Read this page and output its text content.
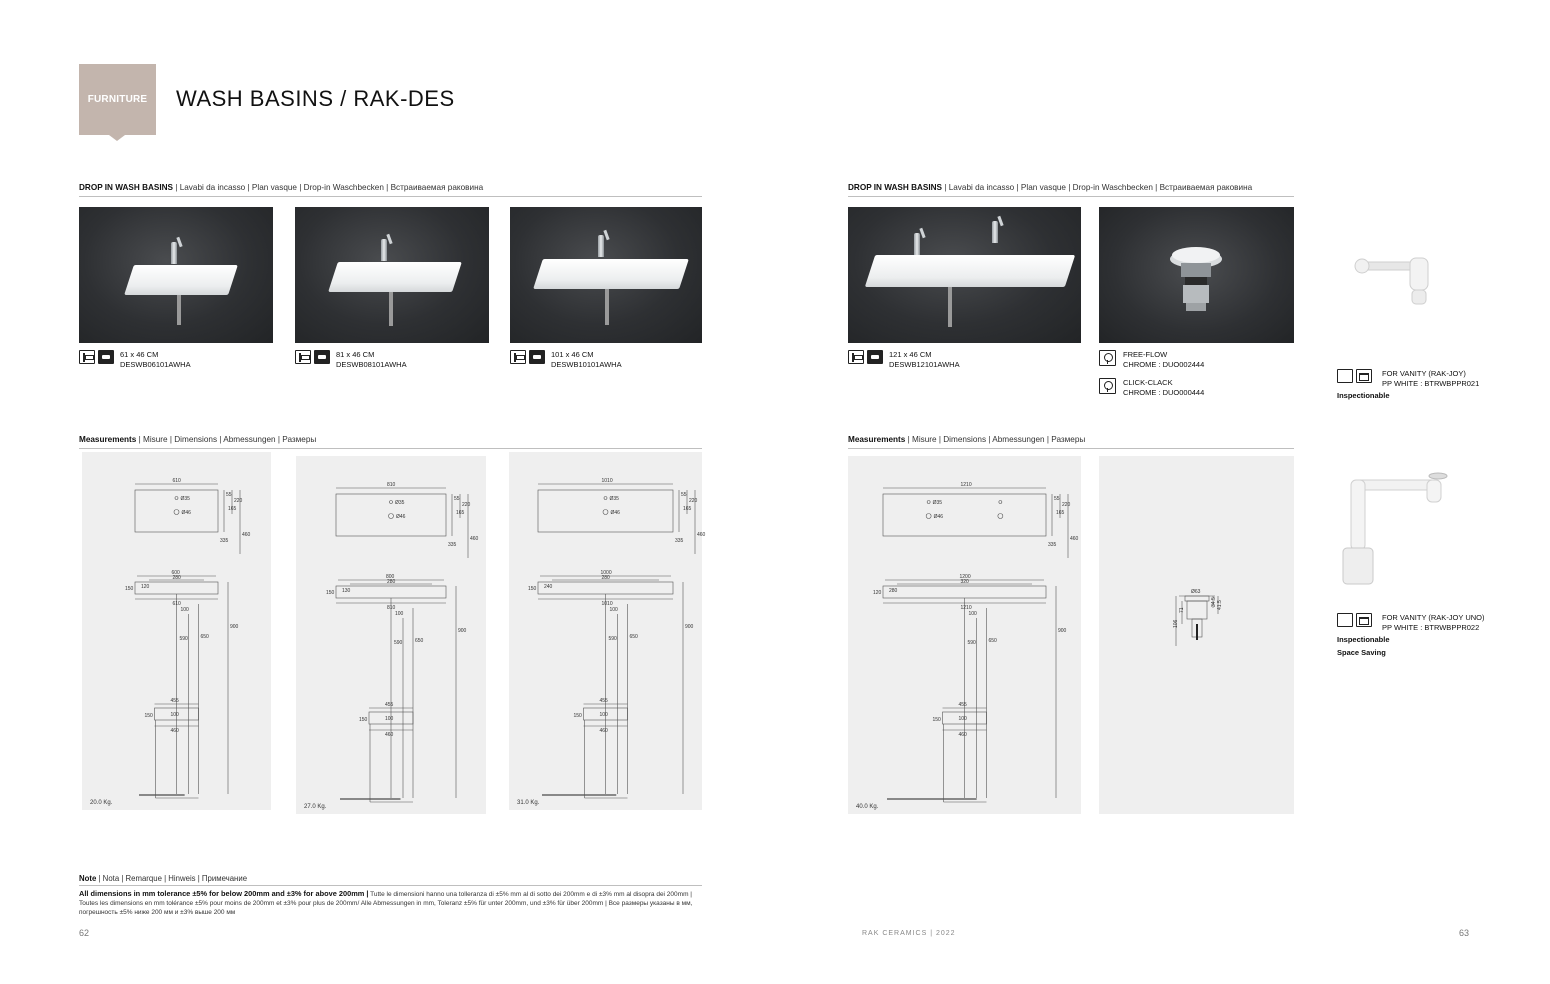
FURNITURE	WASH BASINS / RAK-DES
DROP IN WASH BASINS | Lavabi da incasso | Plan vasque | Drop-in Waschbecken | Встраиваемая раковина	DROP IN WASH BASINS | Lavabi da incasso | Plan vasque | Drop-in Waschbecken | Встраиваемая раковина
61 x 46 CM
DESWB06101AWHA
81 x 46 CM
DESWB08101AWHA
101 x 46 CM
DESWB10101AWHA
121 x 46 CM
DESWB12101AWHA
FREE-FLOW
CHROME : DUO002444
CLICK-CLACK
CHROME : DUO000444
FOR VANITY (RAK-JOY)
PP WHITE : BTRWBPPR021
Inspectionable
FOR VANITY (RAK-JOY UNO)
PP WHITE : BTRWBPPR022
Inspectionable
Space Saving
Measurements | Misure | Dimensions | Abmessungen | Размеры	Measurements | Misure | Dimensions | Abmessungen | Размеры
610
Ø35
Ø46
55
220
165
335
460
600
280
120
150
610
100
900
650
590
455
100
150
460
20.0 Kg.
810
Ø35
Ø46
55
220
165
335
460
800
280
130
150
810
100
900
650
590
455
100
150
460
27.0 Kg.
1010
Ø35
Ø46
55
220
165
335
460
1000
280
240
150
1010
100
900
650
590
455
100
150
460
31.0 Kg.
1210
Ø35
Ø46
55
220
165
335
460
1200
320
280
120
1210
100
900
650
590
455
100
150
460
40.0 Kg.
Ø63
106
71
34.5 41.5
Note | Nota | Remarque | Hinweis | Примечание
All dimensions in mm tolerance ±5% for below 200mm and ±3% for above 200mm | Tutte le dimensioni hanno una tolleranza di ±5% mm al di sotto dei 200mm e di ±3% mm al disopra dei 200mm | Toutes les dimensions en mm tolérance ±5% pour moins de 200mm et ±3% pour plus de 200mm/ Alle Abmessungen in mm, Toleranz ±5% für unter 200mm, und ±3% für über 200mm | Все размеры указаны в мм, погрешность ±5% ниже 200 мм и ±3% выше 200 мм
62	RAK CERAMICS | 2022	63
